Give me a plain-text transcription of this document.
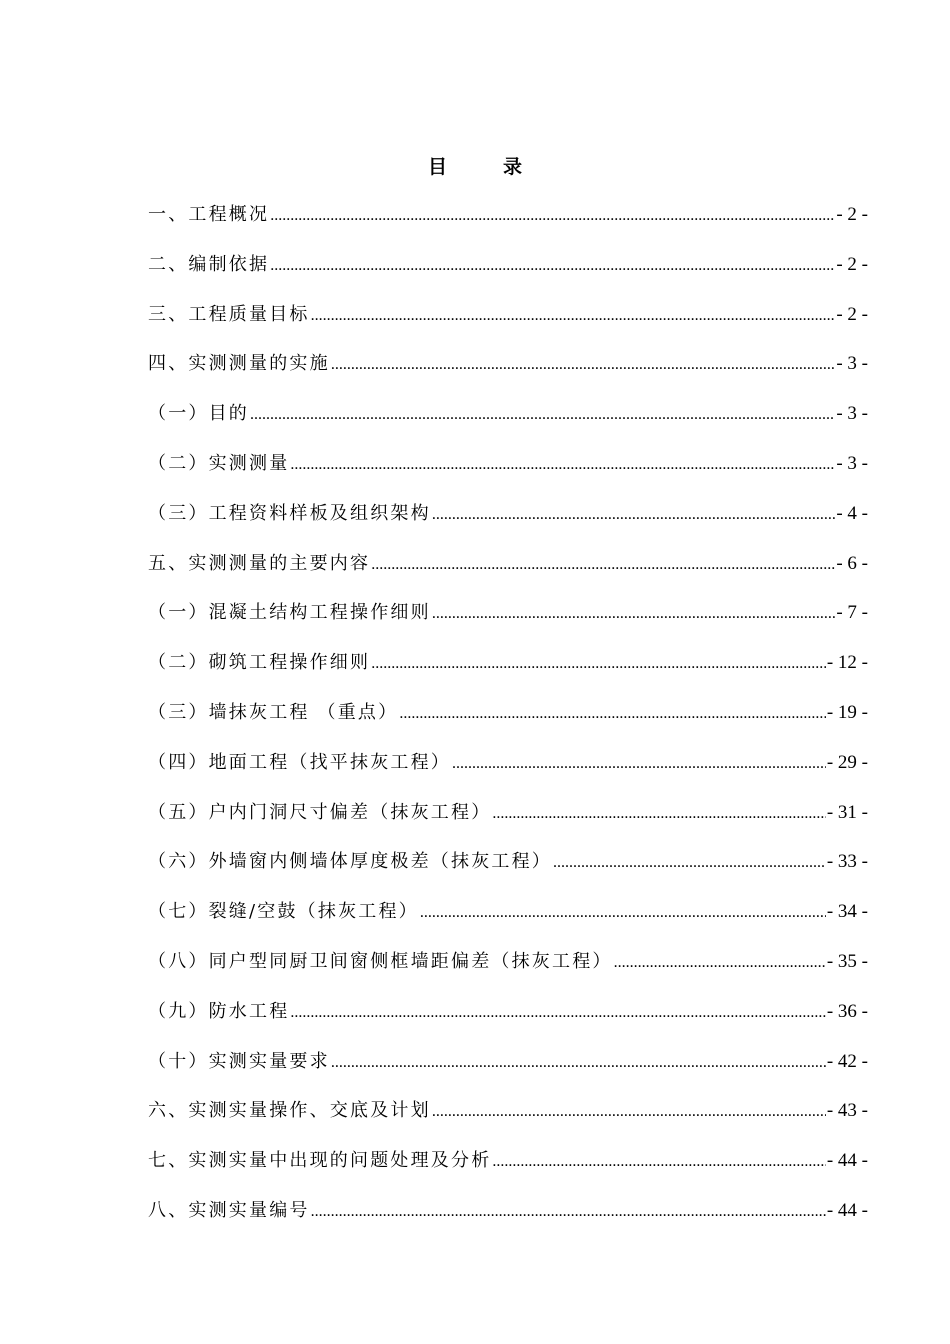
目	录
一、工程概况 .....	- 2 -
二、编制依据 .....	- 2 -
三、工程质量目标 .....	- 2 -
四、实测测量的实施 .....	- 3 -
（一）目的 .....	- 3 -
（二）实测测量 .....	- 3 -
（三）工程资料样板及组织架构 .....	- 4 -
五、实测测量的主要内容 .....	- 6 -
（一）混凝土结构工程操作细则 .....	- 7 -
（二）砌筑工程操作细则 .....	- 12 -
（三）墙抹灰工程 （重点） .....	- 19 -
（四）地面工程（找平抹灰工程） .....	- 29 -
（五）户内门洞尺寸偏差（抹灰工程） .....	- 31 -
（六）外墙窗内侧墙体厚度极差（抹灰工程） .....	- 33 -
（七）裂缝/空鼓（抹灰工程） .....	- 34 -
（八）同户型同厨卫间窗侧框墙距偏差（抹灰工程） .....	- 35 -
（九）防水工程 .....	- 36 -
（十）实测实量要求 .....	- 42 -
六、实测实量操作、交底及计划 .....	- 43 -
七、实测实量中出现的问题处理及分析 .....	- 44 -
八、实测实量编号 .....	- 44 -
